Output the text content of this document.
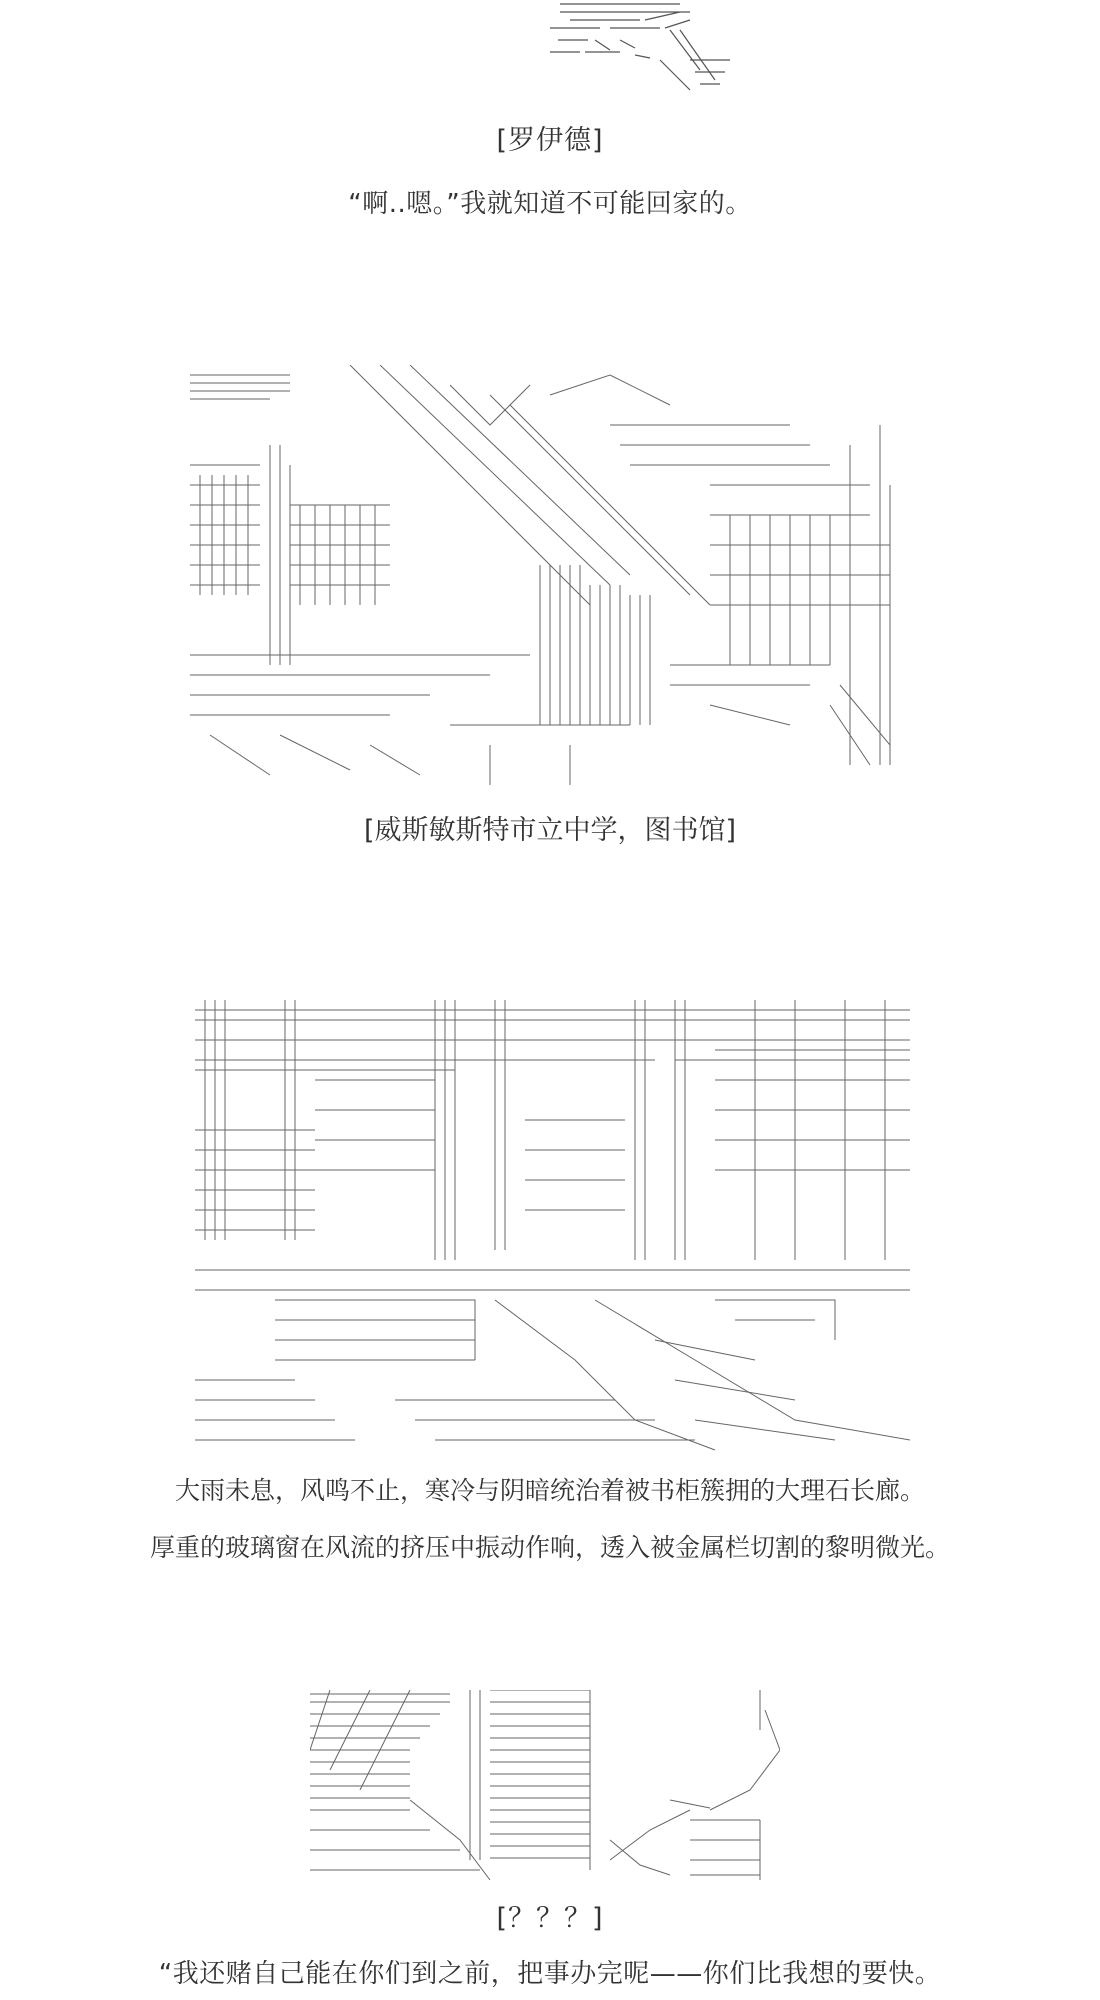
[罗伊德]
“啊..嗯。”我就知道不可能回家的。
[威斯敏斯特市立中学，图书馆]
大雨未息，风鸣不止，寒冷与阴暗统治着被书柜簇拥的大理石长廊。
厚重的玻璃窗在风流的挤压中振动作响，透入被金属栏切割的黎明微光。
[？？？]
“我还赌自己能在你们到之前，把事办完呢——你们比我想的要快。
